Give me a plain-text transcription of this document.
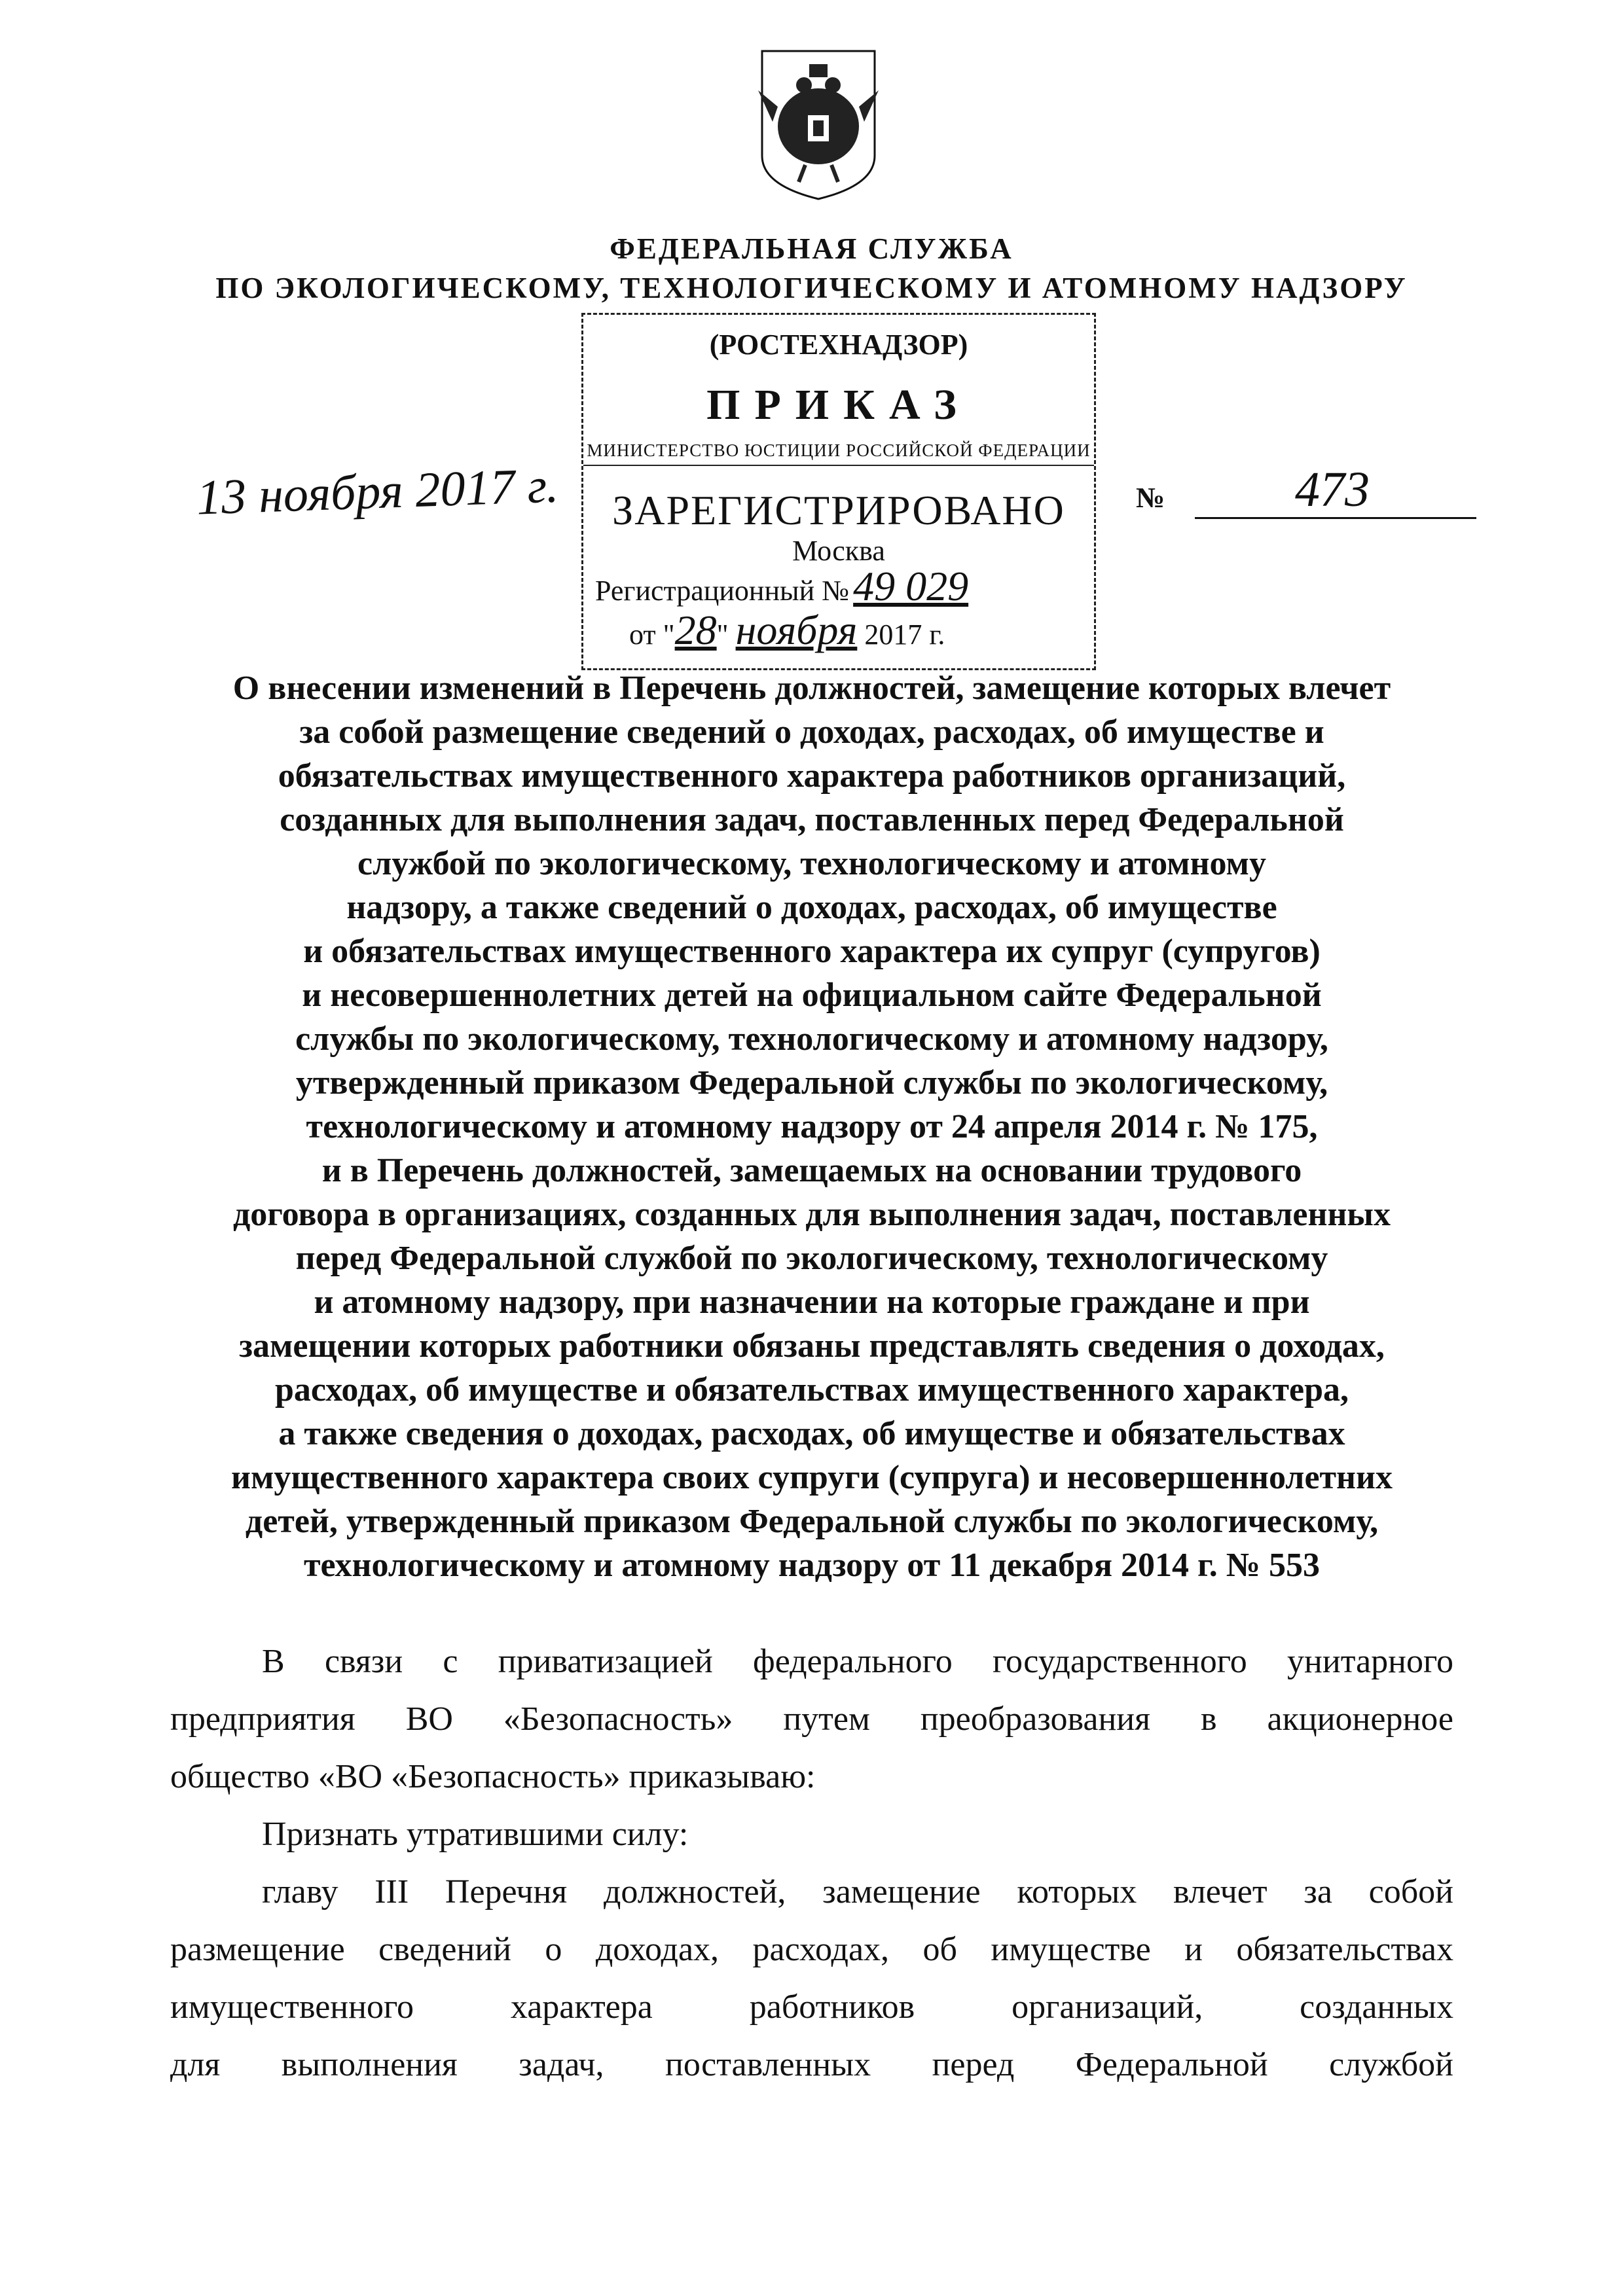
ФЕДЕРАЛЬНАЯ СЛУЖБА
ПО ЭКОЛОГИЧЕСКОМУ, ТЕХНОЛОГИЧЕСКОМУ И АТОМНОМУ НАДЗОРУ
(РОСТЕХНАДЗОР)
ПРИКАЗ
МИНИСТЕРСТВО ЮСТИЦИИ РОССИЙСКОЙ ФЕДЕРАЦИИ
ЗАРЕГИСТРИРОВАНО
Москва
Регистрационный №49 029
от "28" ноября 2017 г.
13 ноября 2017 г.	№	473
О внесении изменений в Перечень должностей, замещение которых влечет
за собой размещение сведений о доходах, расходах, об имуществе и
обязательствах имущественного характера работников организаций,
созданных для выполнения задач, поставленных перед Федеральной
службой по экологическому, технологическому и атомному
надзору, а также сведений о доходах, расходах, об имуществе
и обязательствах имущественного характера их супруг (супругов)
и несовершеннолетних детей на официальном сайте Федеральной
службы по экологическому, технологическому и атомному надзору,
утвержденный приказом Федеральной службы по экологическому,
технологическому и атомному надзору от 24 апреля 2014 г. № 175,
и в Перечень должностей, замещаемых на основании трудового
договора в организациях, созданных для выполнения задач, поставленных
перед Федеральной службой по экологическому, технологическому
и атомному надзору, при назначении на которые граждане и при
замещении которых работники обязаны представлять сведения о доходах,
расходах, об имуществе и обязательствах имущественного характера,
а также сведения о доходах, расходах, об имуществе и обязательствах
имущественного характера своих супруги (супруга) и несовершеннолетних
детей, утвержденный приказом Федеральной службы по экологическому,
технологическому и атомному надзору от 11 декабря 2014 г. № 553
В связи с приватизацией федерального государственного унитарного
предприятия ВО «Безопасность» путем преобразования в акционерное
общество «ВО «Безопасность» приказываю:
Признать утратившими силу:
главу III Перечня должностей, замещение которых влечет за собой
размещение сведений о доходах, расходах, об имуществе и обязательствах
имущественного характера работников организаций, созданных
для выполнения задач, поставленных перед Федеральной службой
